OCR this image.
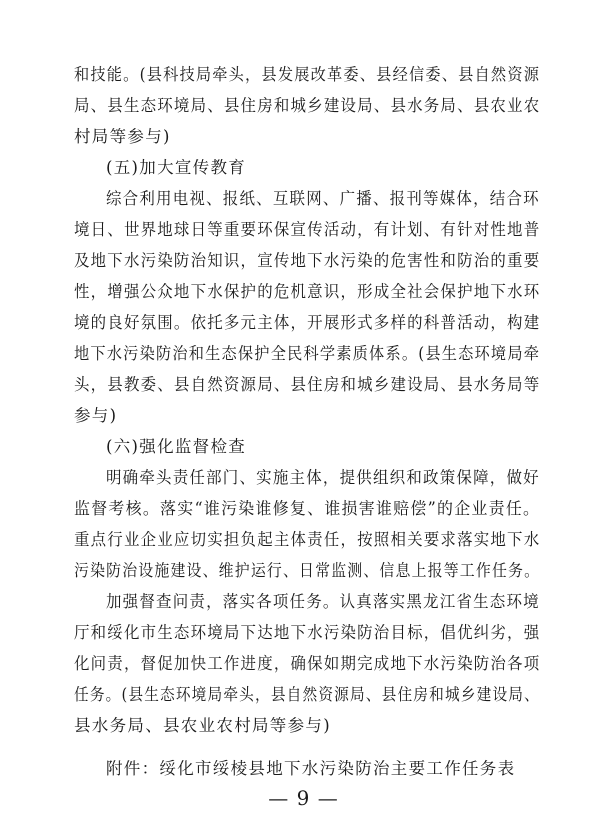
和技能。(县科技局牵头，县发展改革委、县经信委、县自然资源
局、县生态环境局、县住房和城乡建设局、县水务局、县农业农
村局等参与)
(五)加大宣传教育
综合利用电视、报纸、互联网、广播、报刊等媒体，结合环
境日、世界地球日等重要环保宣传活动，有计划、有针对性地普
及地下水污染防治知识，宣传地下水污染的危害性和防治的重要
性，增强公众地下水保护的危机意识，形成全社会保护地下水环
境的良好氛围。依托多元主体，开展形式多样的科普活动，构建
地下水污染防治和生态保护全民科学素质体系。(县生态环境局牵
头，县教委、县自然资源局、县住房和城乡建设局、县水务局等
参与)
(六)强化监督检查
明确牵头责任部门、实施主体，提供组织和政策保障，做好
监督考核。落实“谁污染谁修复、谁损害谁赔偿”的企业责任。
重点行业企业应切实担负起主体责任，按照相关要求落实地下水
污染防治设施建设、维护运行、日常监测、信息上报等工作任务。
加强督查问责，落实各项任务。认真落实黑龙江省生态环境
厅和绥化市生态环境局下达地下水污染防治目标，倡优纠劣，强
化问责，督促加快工作进度，确保如期完成地下水污染防治各项
任务。(县生态环境局牵头，县自然资源局、县住房和城乡建设局、
县水务局、县农业农村局等参与)
附件：绥化市绥棱县地下水污染防治主要工作任务表
— 9 —
